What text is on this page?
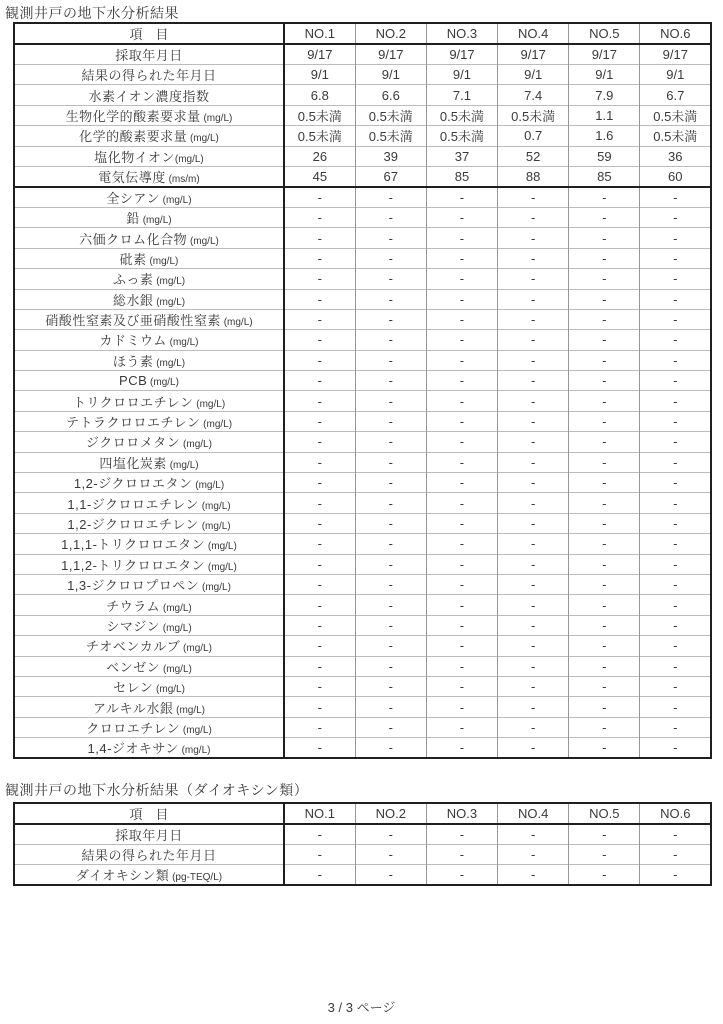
観測井戸の地下水分析結果
項　目	NO.1	NO.2	NO.3	NO.4	NO.5	NO.6
採取年月日	9/17	9/17	9/17	9/17	9/17	9/17
結果の得られた年月日	9/1	9/1	9/1	9/1	9/1	9/1
水素イオン濃度指数	6.8	6.6	7.1	7.4	7.9	6.7
生物化学的酸素要求量 (mg/L)	0.5未満	0.5未満	0.5未満	0.5未満	1.1	0.5未満
化学的酸素要求量 (mg/L)	0.5未満	0.5未満	0.5未満	0.7	1.6	0.5未満
塩化物イオン(mg/L)	26	39	37	52	59	36
電気伝導度 (ms/m)	45	67	85	88	85	60
全シアン (mg/L)	-	-	-	-	-	-
鉛 (mg/L)	-	-	-	-	-	-
六価クロム化合物 (mg/L)	-	-	-	-	-	-
砒素 (mg/L)	-	-	-	-	-	-
ふっ素 (mg/L)	-	-	-	-	-	-
総水銀 (mg/L)	-	-	-	-	-	-
硝酸性窒素及び亜硝酸性窒素 (mg/L)	-	-	-	-	-	-
カドミウム (mg/L)	-	-	-	-	-	-
ほう素 (mg/L)	-	-	-	-	-	-
PCB (mg/L)	-	-	-	-	-	-
トリクロロエチレン (mg/L)	-	-	-	-	-	-
テトラクロロエチレン (mg/L)	-	-	-	-	-	-
ジクロロメタン (mg/L)	-	-	-	-	-	-
四塩化炭素 (mg/L)	-	-	-	-	-	-
1,2-ジクロロエタン (mg/L)	-	-	-	-	-	-
1,1-ジクロロエチレン (mg/L)	-	-	-	-	-	-
1,2-ジクロロエチレン (mg/L)	-	-	-	-	-	-
1,1,1-トリクロロエタン (mg/L)	-	-	-	-	-	-
1,1,2-トリクロロエタン (mg/L)	-	-	-	-	-	-
1,3-ジクロロプロペン (mg/L)	-	-	-	-	-	-
チウラム (mg/L)	-	-	-	-	-	-
シマジン (mg/L)	-	-	-	-	-	-
チオベンカルブ (mg/L)	-	-	-	-	-	-
ベンゼン (mg/L)	-	-	-	-	-	-
セレン (mg/L)	-	-	-	-	-	-
アルキル水銀 (mg/L)	-	-	-	-	-	-
クロロエチレン (mg/L)	-	-	-	-	-	-
1,4-ジオキサン (mg/L)	-	-	-	-	-	-
観測井戸の地下水分析結果（ダイオキシン類）
項　目	NO.1	NO.2	NO.3	NO.4	NO.5	NO.6
採取年月日	-	-	-	-	-	-
結果の得られた年月日	-	-	-	-	-	-
ダイオキシン類 (pg-TEQ/L)	-	-	-	-	-	-
3 / 3 ページ
